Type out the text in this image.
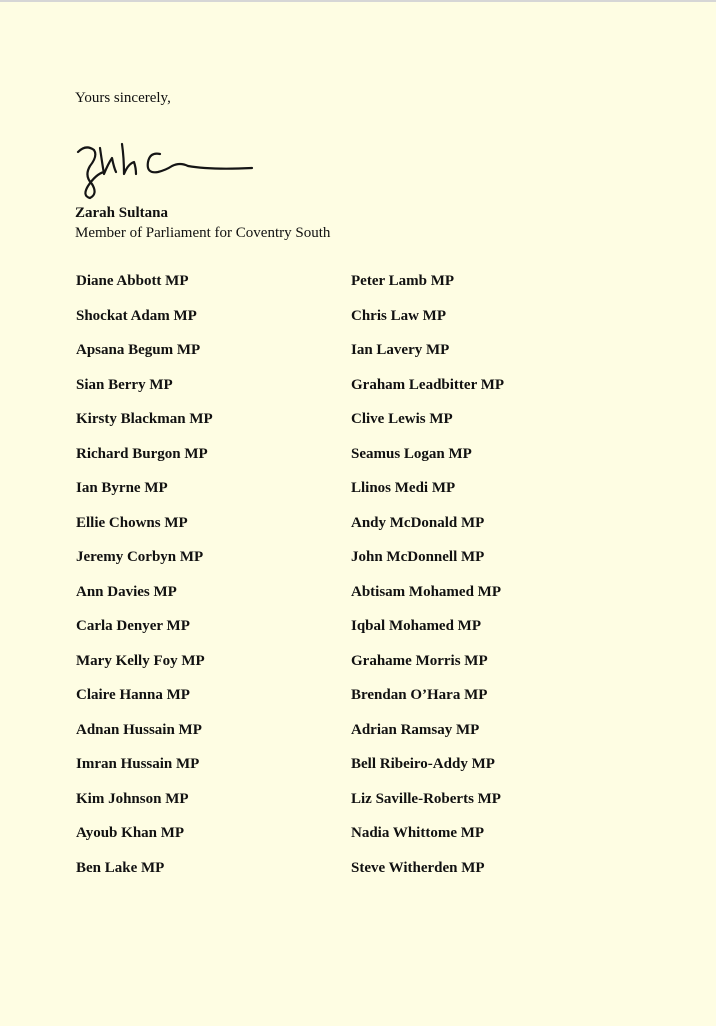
Yours sincerely,

Zarah Sultana
Member of Parliament for Coventry South
Diane Abbott MP
Shockat Adam MP
Apsana Begum MP
Sian Berry MP
Kirsty Blackman MP
Richard Burgon MP
Ian Byrne MP
Ellie Chowns MP
Jeremy Corbyn MP
Ann Davies MP
Carla Denyer MP
Mary Kelly Foy MP
Claire Hanna MP
Adnan Hussain MP
Imran Hussain MP
Kim Johnson MP
Ayoub Khan MP
Ben Lake MP
Peter Lamb MP
Chris Law MP
Ian Lavery MP
Graham Leadbitter MP
Clive Lewis MP
Seamus Logan MP
Llinos Medi MP
Andy McDonald MP
John McDonnell MP
Abtisam Mohamed MP
Iqbal Mohamed MP
Grahame Morris MP
Brendan O’Hara MP
Adrian Ramsay MP
Bell Ribeiro-Addy MP
Liz Saville-Roberts MP
Nadia Whittome MP
Steve Witherden MP
